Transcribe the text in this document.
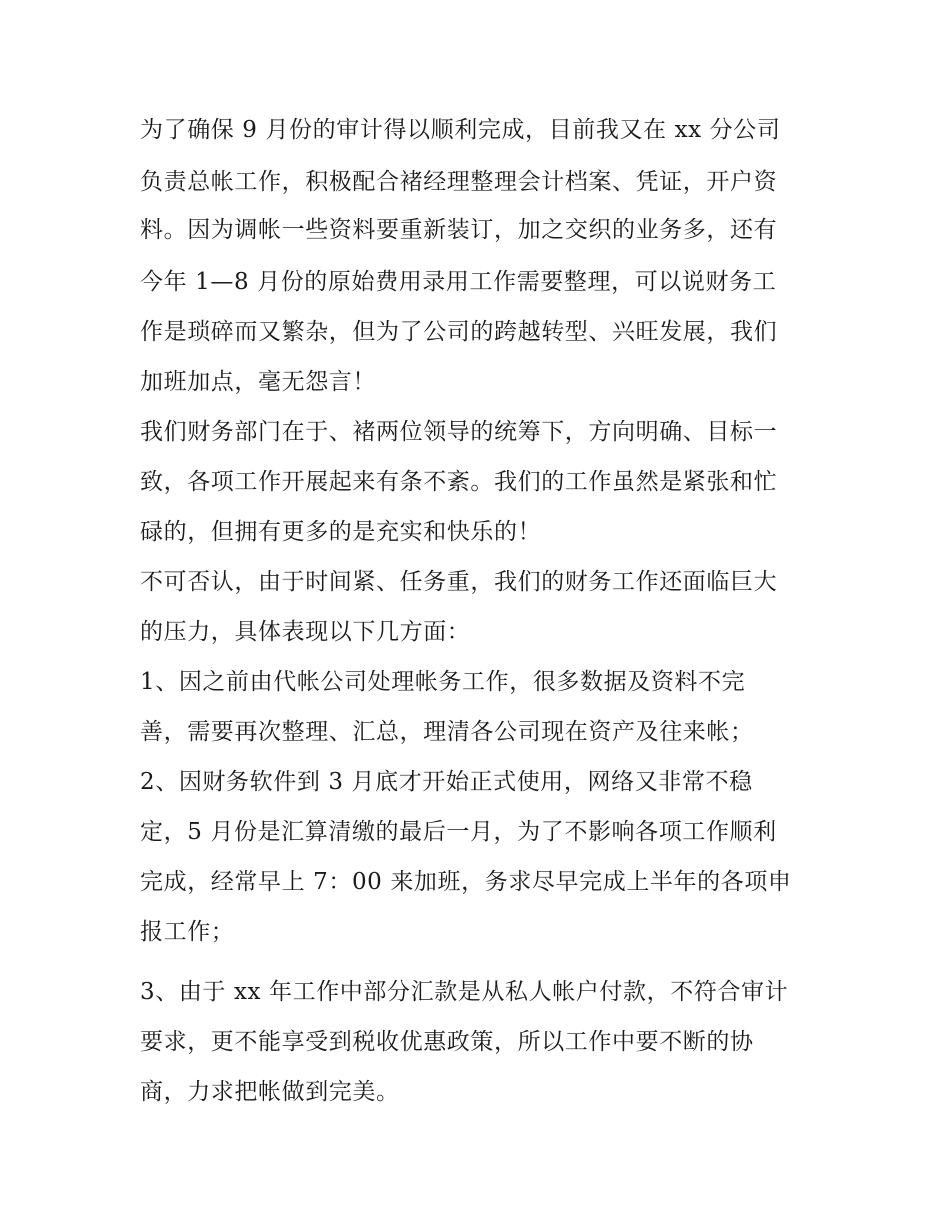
为了确保 9 月份的审计得以顺利完成，目前我又在 xx 分公司

负责总帐工作，积极配合褚经理整理会计档案、凭证，开户资

料。因为调帐一些资料要重新装订，加之交织的业务多，还有

今年 1—8 月份的原始费用录用工作需要整理，可以说财务工

作是琐碎而又繁杂，但为了公司的跨越转型、兴旺发展，我们

加班加点，毫无怨言！

我们财务部门在于、褚两位领导的统筹下，方向明确、目标一

致，各项工作开展起来有条不紊。我们的工作虽然是紧张和忙

碌的，但拥有更多的是充实和快乐的！

不可否认，由于时间紧、任务重，我们的财务工作还面临巨大

的压力，具体表现以下几方面：

1、因之前由代帐公司处理帐务工作，很多数据及资料不完

善，需要再次整理、汇总，理清各公司现在资产及往来帐；

2、因财务软件到 3 月底才开始正式使用，网络又非常不稳

定，5 月份是汇算清缴的最后一月，为了不影响各项工作顺利

完成，经常早上 7：00 来加班，务求尽早完成上半年的各项申

报工作；

3、由于 xx 年工作中部分汇款是从私人帐户付款，不符合审计

要求，更不能享受到税收优惠政策，所以工作中要不断的协

商，力求把帐做到完美。
